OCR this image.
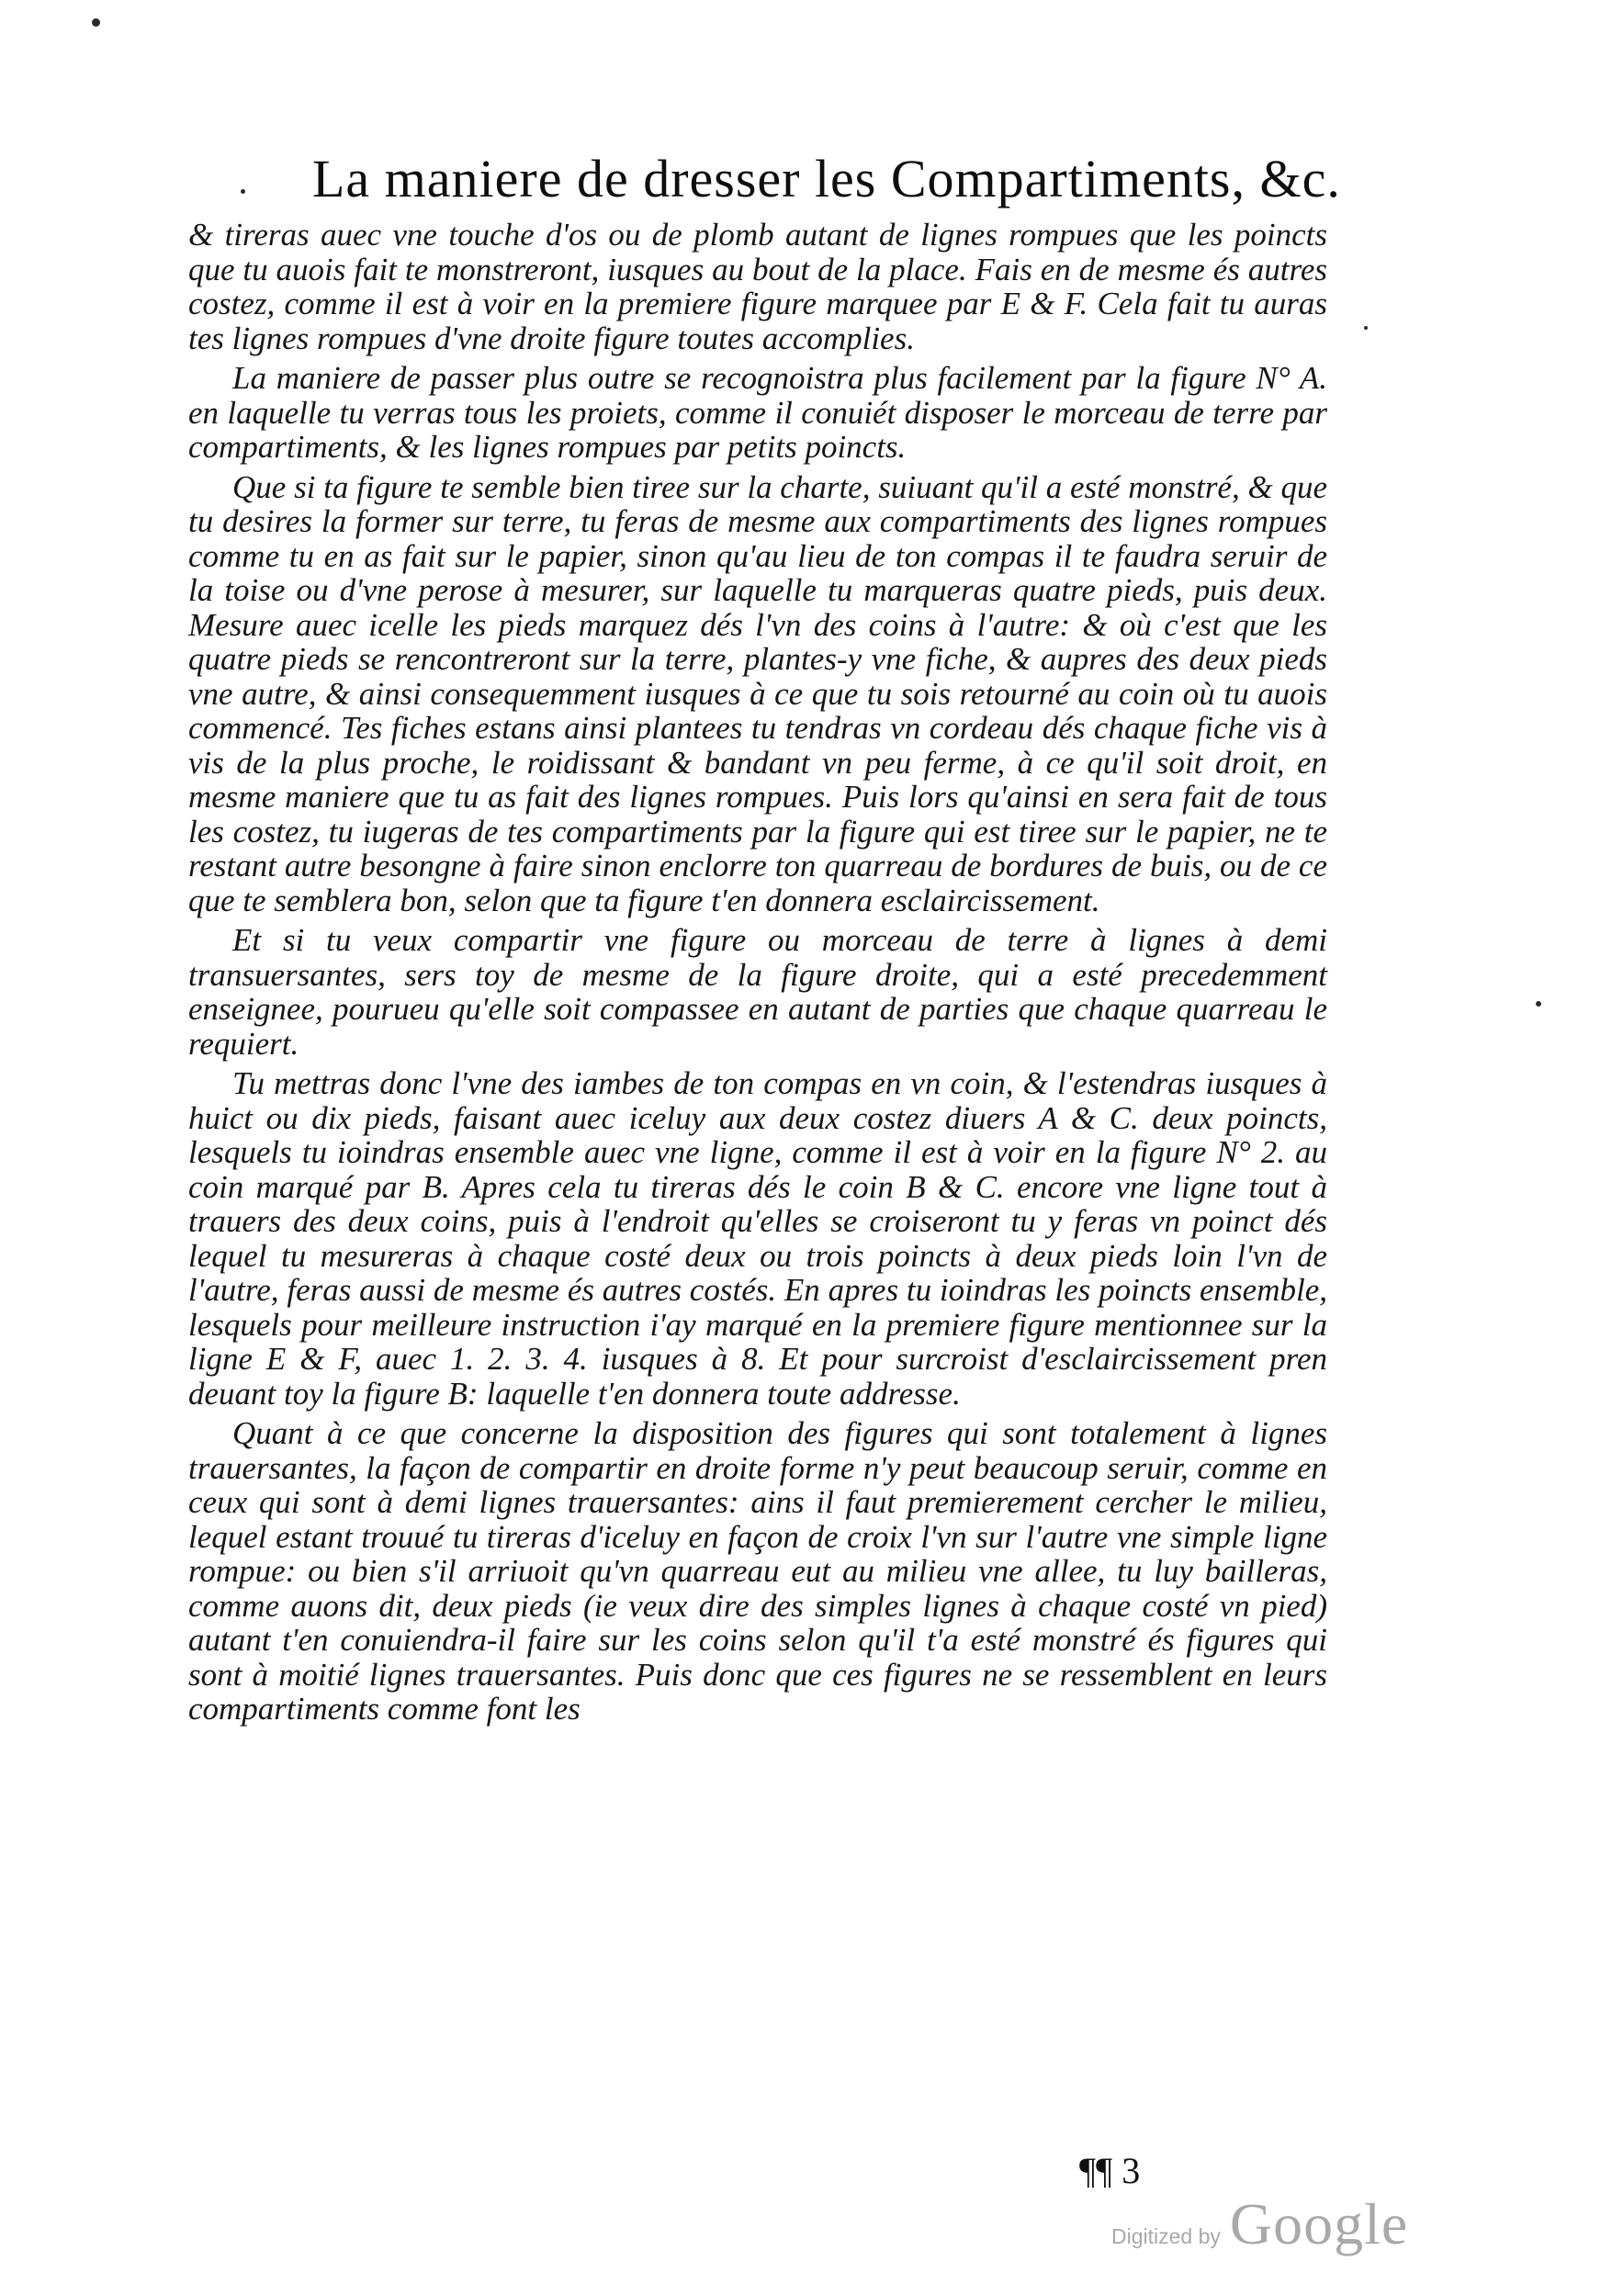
La maniere de dresser les Compartiments, &c.

& tireras auec vne touche d'os ou de plomb autant de lignes rompues que les poincts que tu auois fait te monstreront, iusques au bout de la place. Fais en de mesme és autres costez, comme il est à voir en la premiere figure marquee par E & F. Cela fait tu auras tes lignes rompues d'vne droite figure toutes accomplies.

La maniere de passer plus outre se recognoistra plus facilement par la figure N° A. en laquelle tu verras tous les proiets, comme il conuiét disposer le morceau de terre par compartiments, & les lignes rompues par petits poincts.

Que si ta figure te semble bien tiree sur la charte, suiuant qu'il a esté monstré, & que tu desires la former sur terre, tu feras de mesme aux compartiments des lignes rompues comme tu en as fait sur le papier, sinon qu'au lieu de ton compas il te faudra seruir de la toise ou d'vne perose à mesurer, sur laquelle tu marqueras quatre pieds, puis deux. Mesure auec icelle les pieds marquez dés l'vn des coins à l'autre: & où c'est que les quatre pieds se rencontreront sur la terre, plantes-y vne fiche, & aupres des deux pieds vne autre, & ainsi consequemment iusques à ce que tu sois retourné au coin où tu auois commencé. Tes fiches estans ainsi plantees tu tendras vn cordeau dés chaque fiche vis à vis de la plus proche, le roidissant & bandant vn peu ferme, à ce qu'il soit droit, en mesme maniere que tu as fait des lignes rompues. Puis lors qu'ainsi en sera fait de tous les costez, tu iugeras de tes compartiments par la figure qui est tiree sur le papier, ne te restant autre besongne à faire sinon enclorre ton quarreau de bordures de buis, ou de ce que te semblera bon, selon que ta figure t'en donnera esclaircissement.

Et si tu veux compartir vne figure ou morceau de terre à lignes à demi transuersantes, sers toy de mesme de la figure droite, qui a esté precedemment enseignee, pourueu qu'elle soit compassee en autant de parties que chaque quarreau le requiert.

Tu mettras donc l'vne des iambes de ton compas en vn coin, & l'estendras iusques à huict ou dix pieds, faisant auec iceluy aux deux costez diuers A & C. deux poincts, lesquels tu ioindras ensemble auec vne ligne, comme il est à voir en la figure N° 2. au coin marqué par B. Apres cela tu tireras dés le coin B & C. encore vne ligne tout à trauers des deux coins, puis à l'endroit qu'elles se croiseront tu y feras vn poinct dés lequel tu mesureras à chaque costé deux ou trois poincts à deux pieds loin l'vn de l'autre, feras aussi de mesme és autres costés. En apres tu ioindras les poincts ensemble, lesquels pour meilleure instruction i'ay marqué en la premiere figure mentionnee sur la ligne E & F, auec 1. 2. 3. 4. iusques à 8. Et pour surcroist d'esclaircissement pren deuant toy la figure B: laquelle t'en donnera toute addresse.

Quant à ce que concerne la disposition des figures qui sont totalement à lignes trauersantes, la façon de compartir en droite forme n'y peut beaucoup seruir, comme en ceux qui sont à demi lignes trauersantes: ains il faut premierement cercher le milieu, lequel estant trouué tu tireras d'iceluy en façon de croix l'vn sur l'autre vne simple ligne rompue: ou bien s'il arriuoit qu'vn quarreau eut au milieu vne allee, tu luy bailleras, comme auons dit, deux pieds (ie veux dire des simples lignes à chaque costé vn pied) autant t'en conuiendra-il faire sur les coins selon qu'il t'a esté monstré és figures qui sont à moitié lignes trauersantes. Puis donc que ces figures ne se ressemblent en leurs compartiments comme font les

¶¶ 3
Digitized by Google
